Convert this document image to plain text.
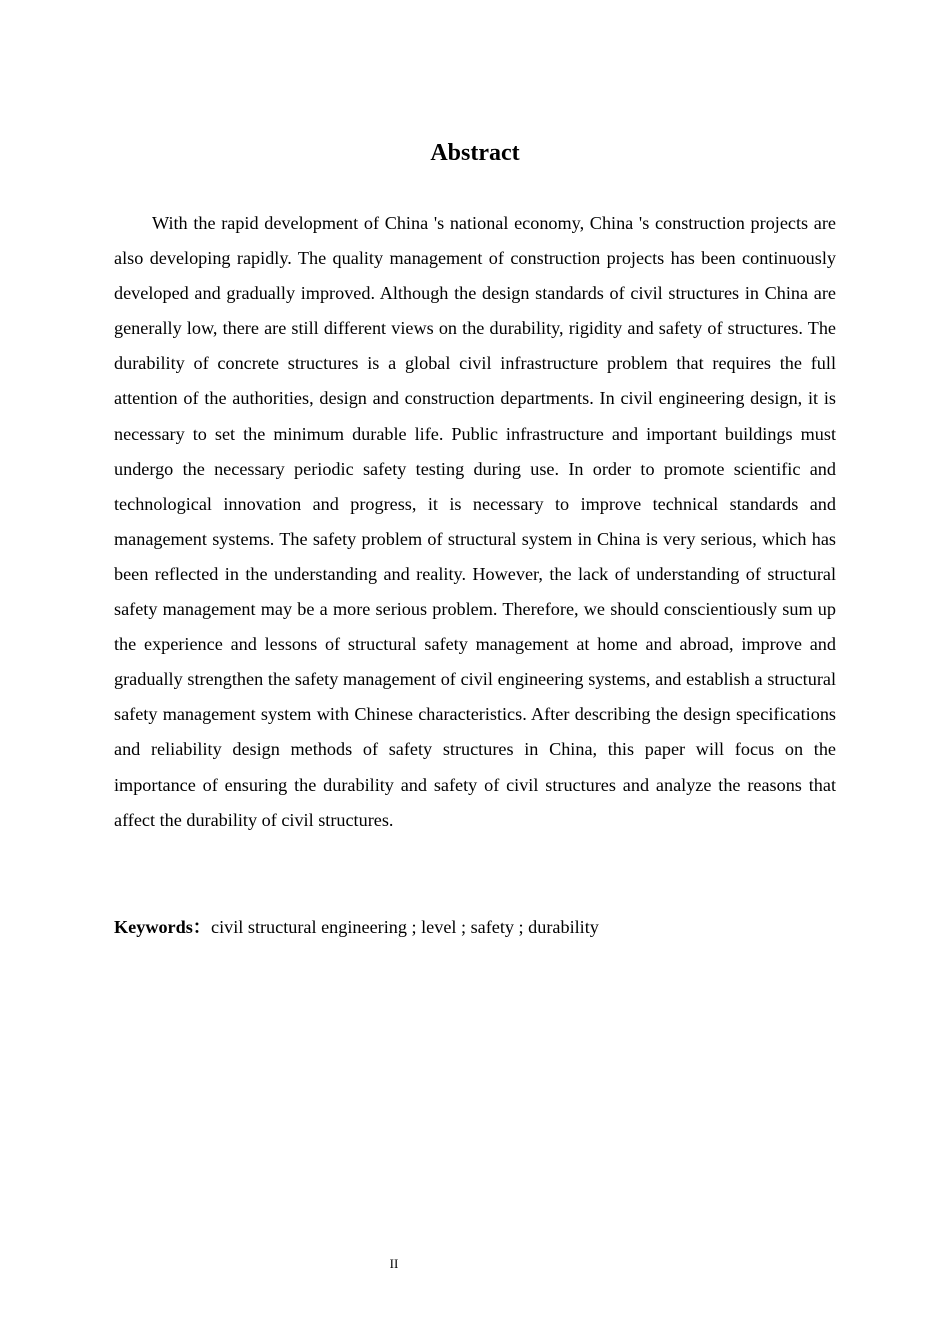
Abstract

With the rapid development of China 's national economy, China 's construction projects are also developing rapidly. The quality management of construction projects has been continuously developed and gradually improved. Although the design standards of civil structures in China are generally low, there are still different views on the durability, rigidity and safety of structures. The durability of concrete structures is a global civil infrastructure problem that requires the full attention of the authorities, design and construction departments. In civil engineering design, it is necessary to set the minimum durable life. Public infrastructure and important buildings must undergo the necessary periodic safety testing during use. In order to promote scientific and technological innovation and progress, it is necessary to improve technical standards and management systems. The safety problem of structural system in China is very serious, which has been reflected in the understanding and reality. However, the lack of understanding of structural safety management may be a more serious problem. Therefore, we should conscientiously sum up the experience and lessons of structural safety management at home and abroad, improve and gradually strengthen the safety management of civil engineering systems, and establish a structural safety management system with Chinese characteristics. After describing the design specifications and reliability design methods of safety structures in China, this paper will focus on the importance of ensuring the durability and safety of civil structures and analyze the reasons that affect the durability of civil structures.

Keywords：civil structural engineering ; level ; safety ; durability

II
